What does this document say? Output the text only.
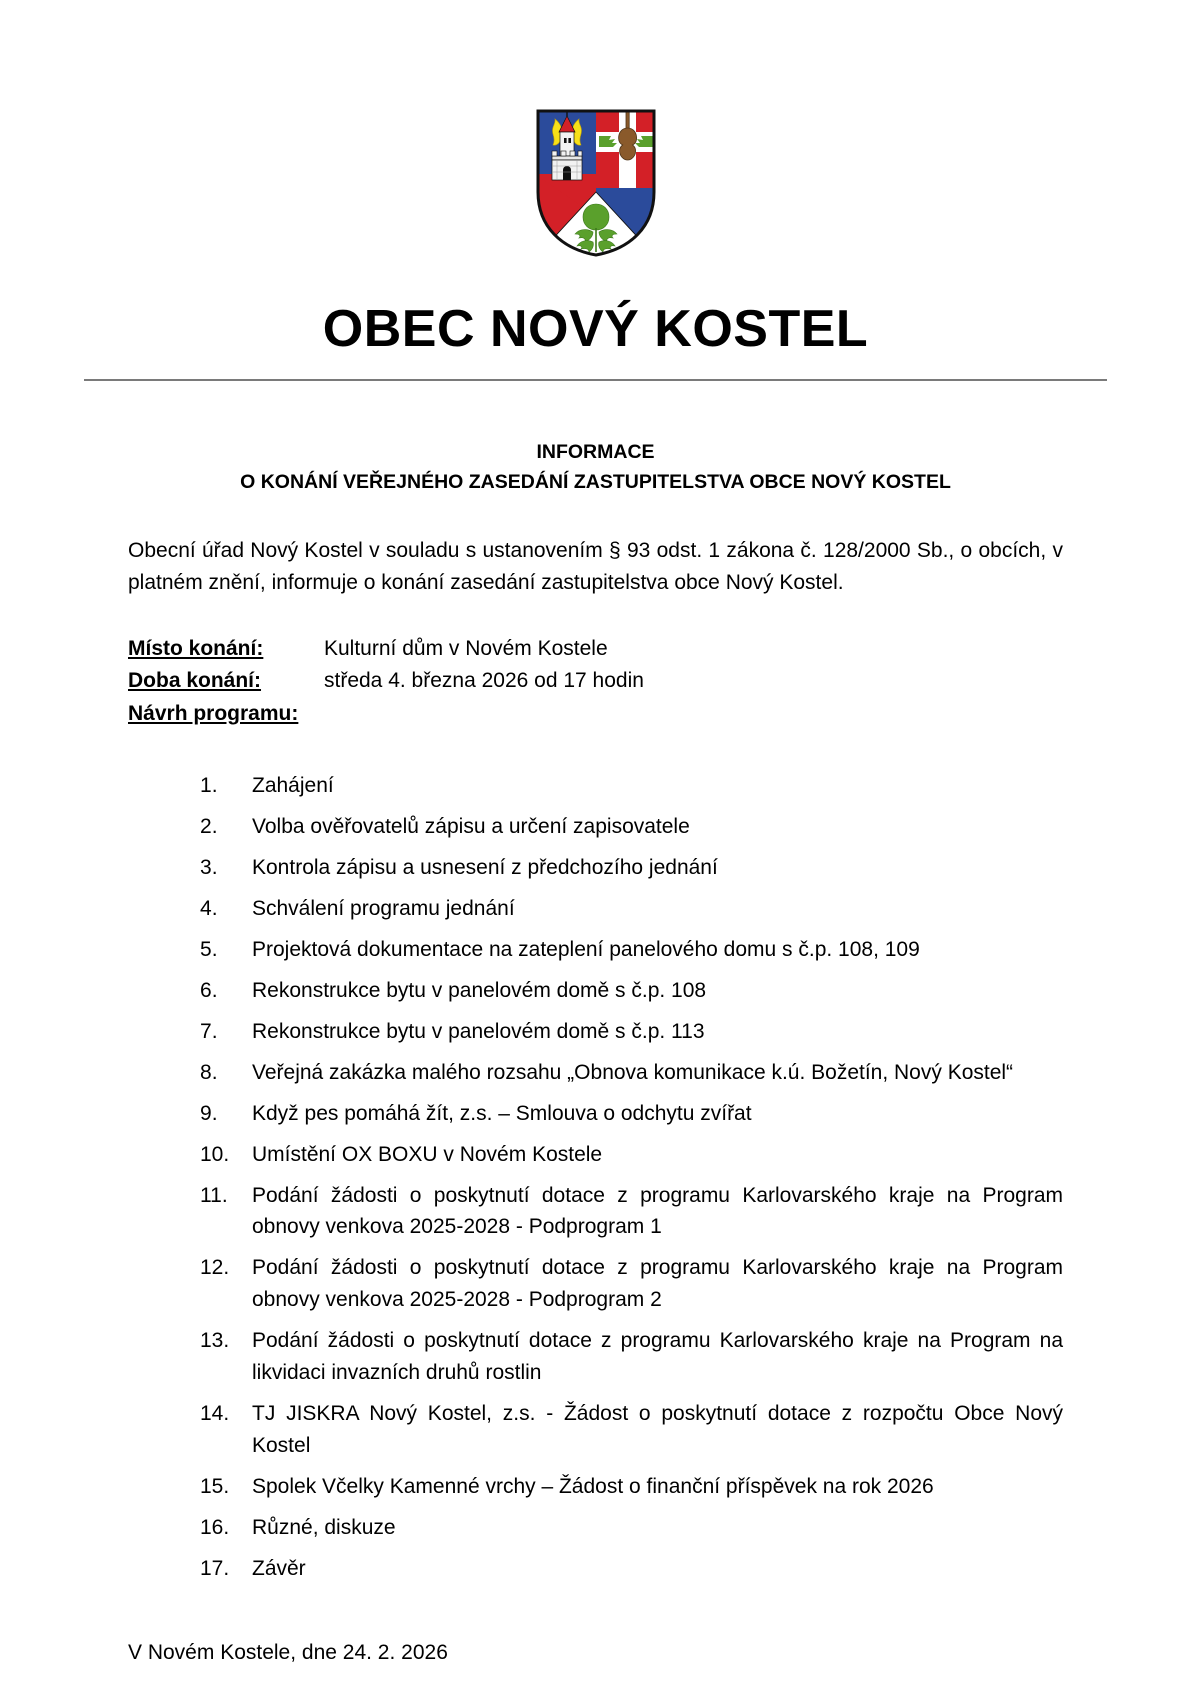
OBEC NOVÝ KOSTEL
INFORMACE
O KONÁNÍ VEŘEJNÉHO ZASEDÁNÍ ZASTUPITELSTVA OBCE NOVÝ KOSTEL

Obecní úřad Nový Kostel v souladu s ustanovením § 93 odst. 1 zákona č. 128/2000 Sb., o obcích, v platném znění, informuje o konání zasedání zastupitelstva obce Nový Kostel.

Místo konání:	Kulturní dům v Novém Kostele
Doba konání:	středa 4. března 2026 od 17 hodin
Návrh programu:
Zahájení
Volba ověřovatelů zápisu a určení zapisovatele
Kontrola zápisu a usnesení z předchozího jednání
Schválení programu jednání
Projektová dokumentace na zateplení panelového domu s č.p. 108, 109
Rekonstrukce bytu v panelovém domě s č.p. 108
Rekonstrukce bytu v panelovém domě s č.p. 113
Veřejná zakázka malého rozsahu „Obnova komunikace k.ú. Božetín, Nový Kostel“
Když pes pomáhá žít, z.s. – Smlouva o odchytu zvířat
Umístění OX BOXU v Novém Kostele
Podání žádosti o poskytnutí dotace z programu Karlovarského kraje na Program obnovy venkova 2025-2028 - Podprogram 1
Podání žádosti o poskytnutí dotace z programu Karlovarského kraje na Program obnovy venkova 2025-2028 - Podprogram 2
Podání žádosti o poskytnutí dotace z programu Karlovarského kraje na Program na likvidaci invazních druhů rostlin
TJ JISKRA Nový Kostel, z.s. - Žádost o poskytnutí dotace z rozpočtu Obce Nový Kostel
Spolek Včelky Kamenné vrchy – Žádost o finanční příspěvek na rok 2026
Různé, diskuze
Závěr

V Novém Kostele, dne 24. 2. 2026
